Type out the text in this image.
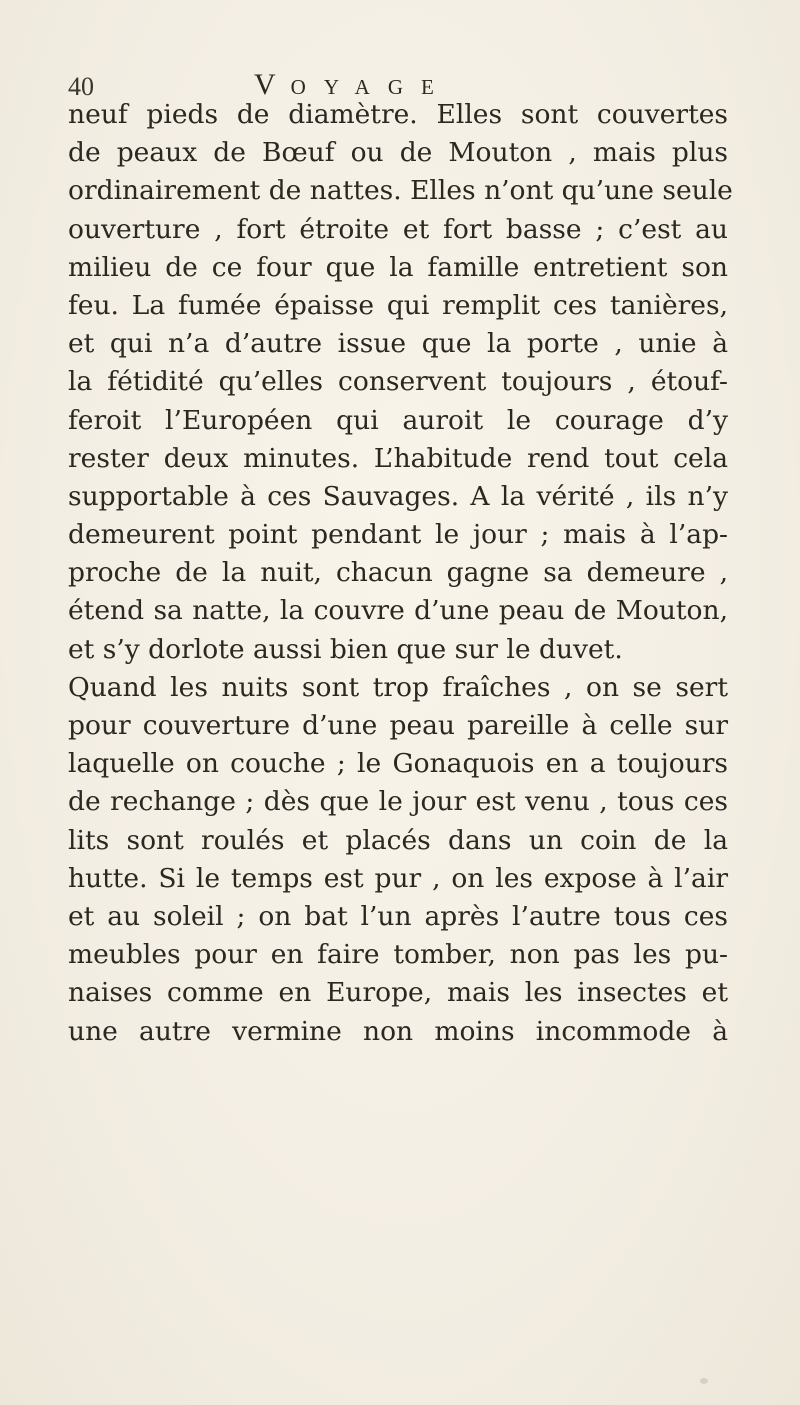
40	VOYAGE
neuf pieds de diamètre. Elles sont couvertes
de peaux de Bœuf ou de Mouton , mais plus
ordinairement de nattes. Elles n’ont qu’une seule
ouverture , fort étroite et fort basse ; c’est au
milieu de ce four que la famille entretient son
feu. La fumée épaisse qui remplit ces tanières,
et qui n’a d’autre issue que la porte , unie à
la fétidité qu’elles conservent toujours , étouf-
feroit l’Européen qui auroit le courage d’y
rester deux minutes. L’habitude rend tout cela
supportable à ces Sauvages. A la vérité , ils n’y
demeurent point pendant le jour ; mais à l’ap-
proche de la nuit, chacun gagne sa demeure ,
étend sa natte, la couvre d’une peau de Mouton,
et s’y dorlote aussi bien que sur le duvet.
Quand les nuits sont trop fraîches , on se sert
pour couverture d’une peau pareille à celle sur
laquelle on couche ; le Gonaquois en a toujours
de rechange ; dès que le jour est venu , tous ces
lits sont roulés et placés dans un coin de la
hutte. Si le temps est pur , on les expose à l’air
et au soleil ; on bat l’un après l’autre tous ces
meubles pour en faire tomber, non pas les pu-
naises comme en Europe, mais les insectes et
une autre vermine non moins incommode à
